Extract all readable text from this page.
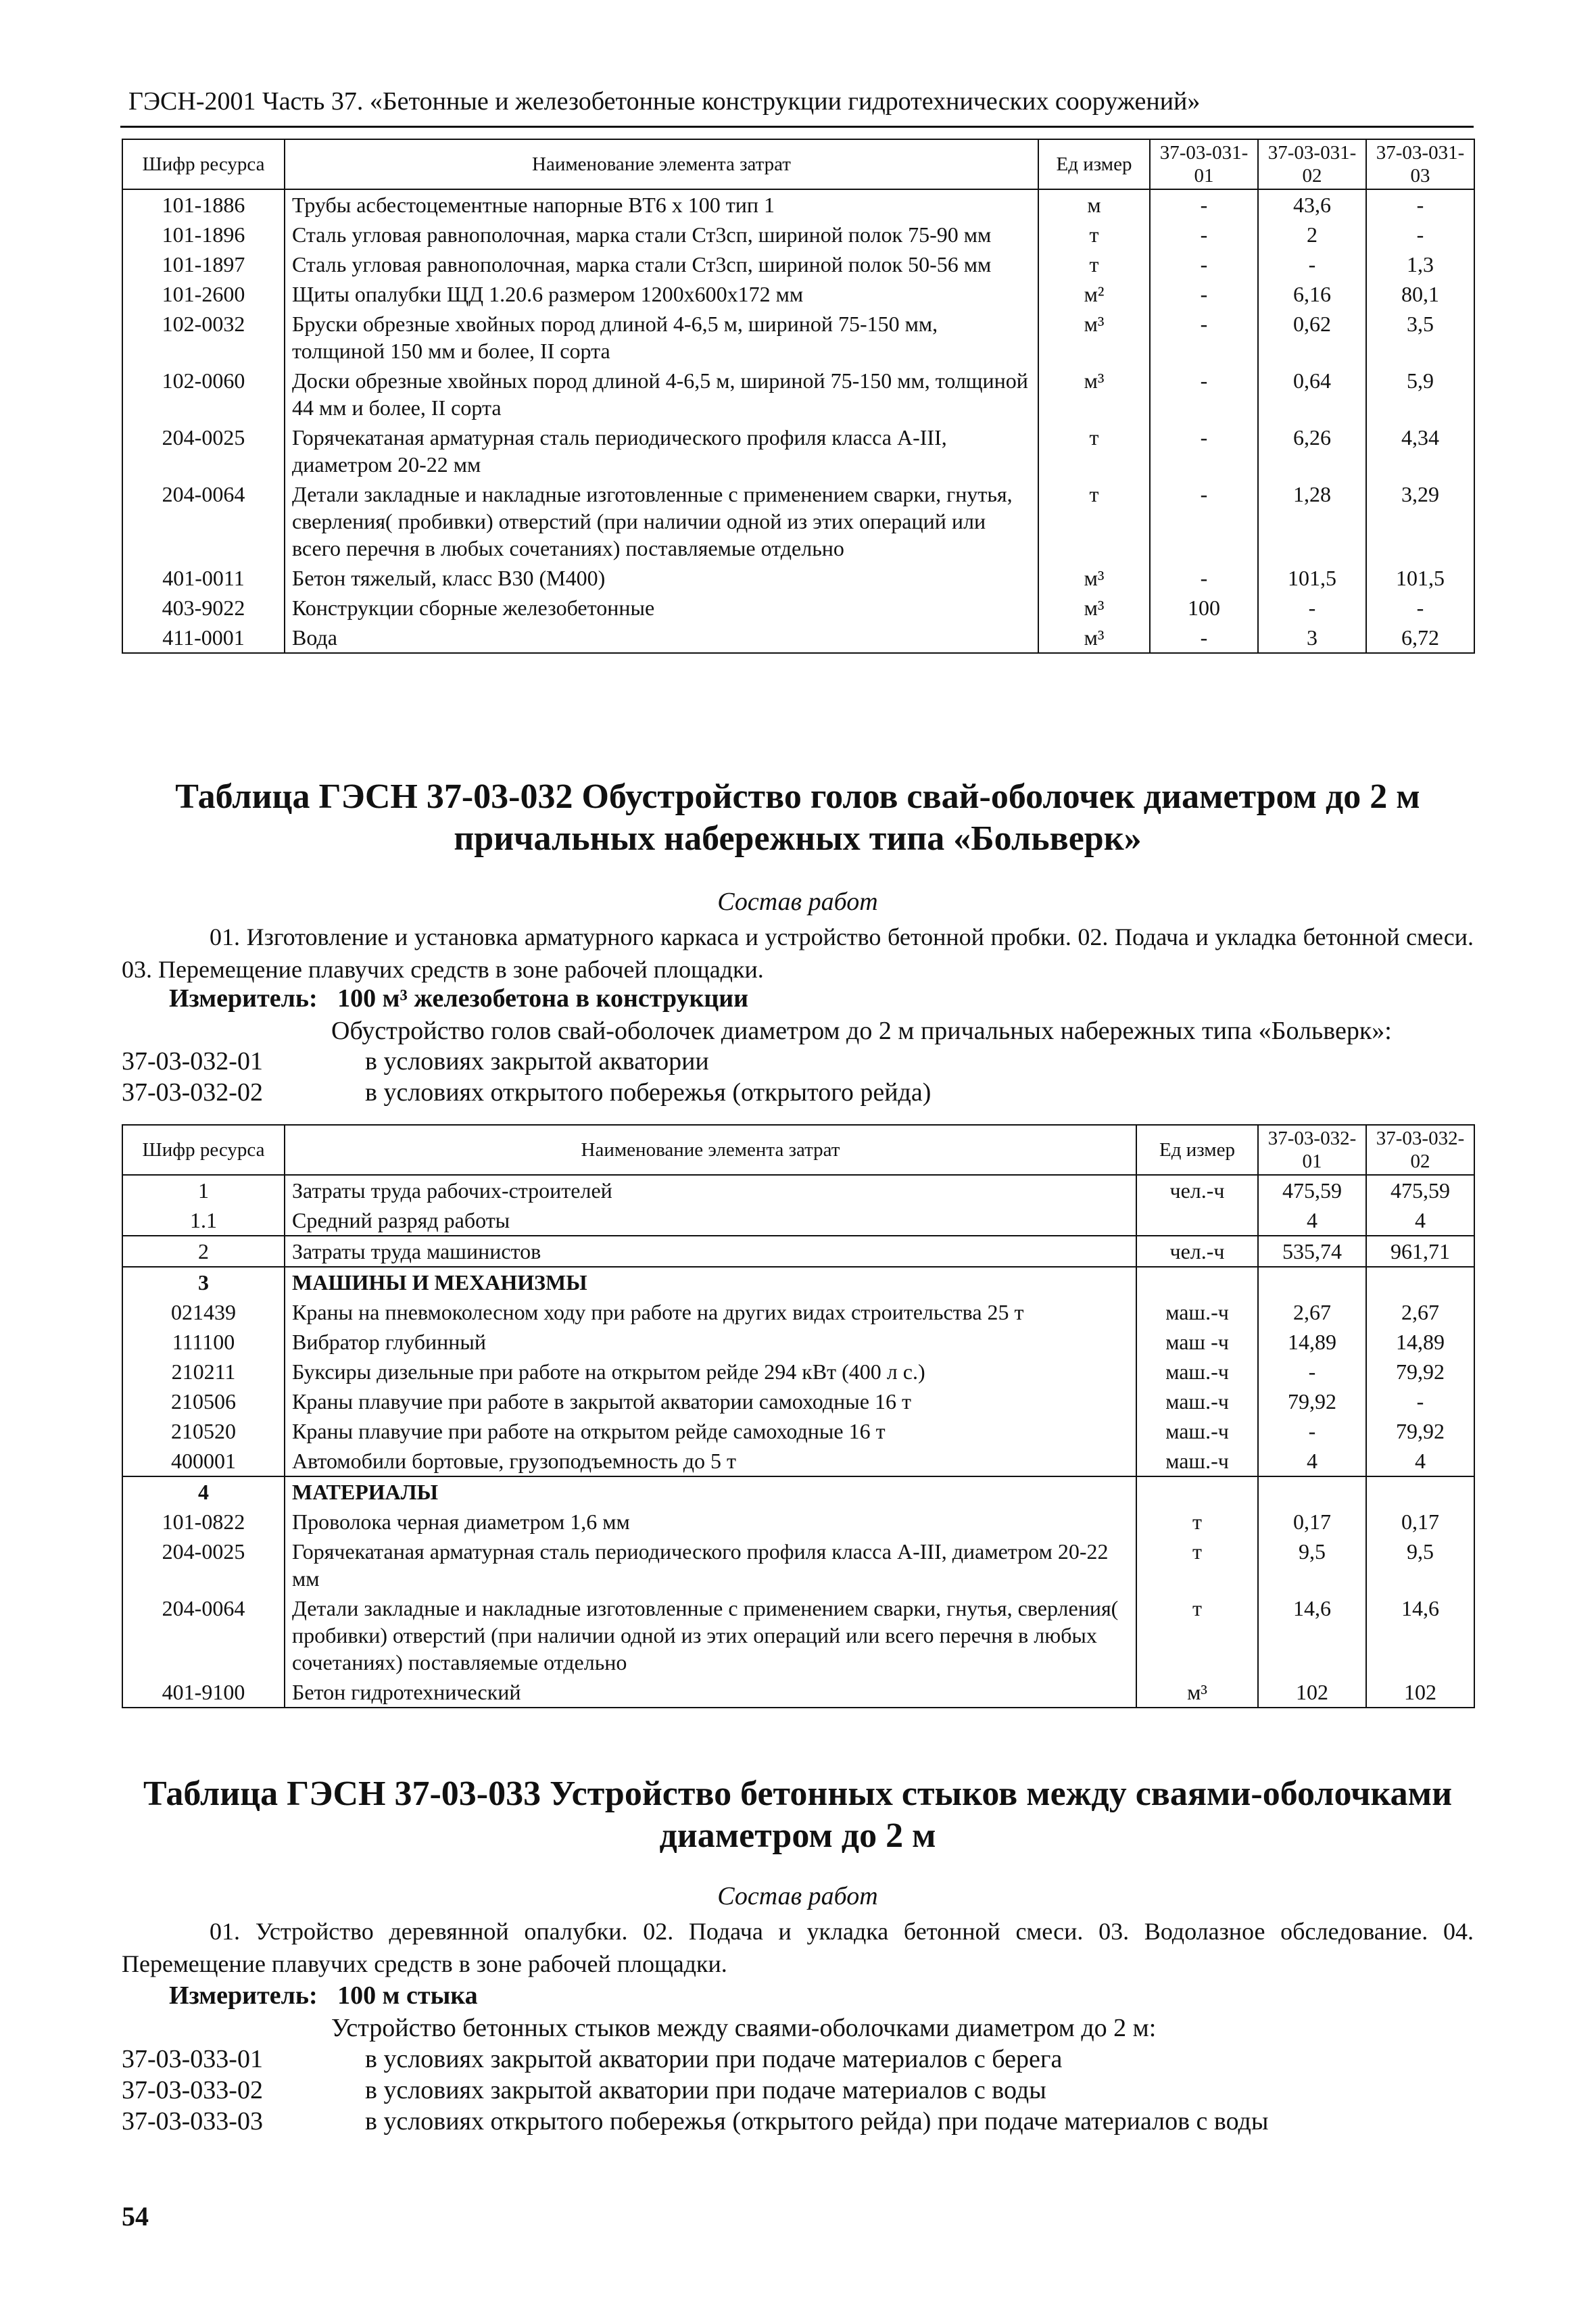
ГЭСН-2001 Часть 37. «Бетонные и железобетонные конструкции гидротехнических сооружений»
Шифр ресурса	Наименование элемента затрат	Ед измер	37-03-031-01	37-03-031-02	37-03-031-03
101-1886	Трубы асбестоцементные напорные ВТ6 х 100 тип 1	м	-	43,6	-
101-1896	Сталь угловая равнополочная, марка стали Ст3сп, шириной полок 75-90 мм	т	-	2	-
101-1897	Сталь угловая равнополочная, марка стали Ст3сп, шириной полок 50-56 мм	т	-	-	1,3
101-2600	Щиты опалубки ЩД 1.20.6 размером 1200х600х172 мм	м²	-	6,16	80,1
102-0032	Бруски обрезные хвойных пород длиной 4-6,5 м, шириной 75-150 мм, толщиной 150 мм и более, II сорта	м³	-	0,62	3,5
102-0060	Доски обрезные хвойных пород длиной 4-6,5 м, шириной 75-150 мм, толщиной 44 мм и более, II сорта	м³	-	0,64	5,9
204-0025	Горячекатаная арматурная сталь периодического профиля класса А-III, диаметром 20-22 мм	т	-	6,26	4,34
204-0064	Детали закладные и накладные изготовленные с применением сварки, гнутья, сверления( пробивки) отверстий (при наличии одной из этих операций или всего перечня в любых сочетаниях) поставляемые отдельно	т	-	1,28	3,29
401-0011	Бетон тяжелый, класс В30 (М400)	м³	-	101,5	101,5
403-9022	Конструкции сборные железобетонные	м³	100	-	-
411-0001	Вода	м³	-	3	6,72
Таблица ГЭСН 37-03-032 Обустройство голов свай-оболочек диаметром до 2 м причальных набережных типа «Больверк»
Состав работ
01. Изготовление и установка арматурного каркаса и устройство бетонной пробки. 02. Подача и укладка бетонной смеси. 03. Перемещение плавучих средств в зоне рабочей площадки.
Измеритель: 100 м³ железобетона в конструкции
Обустройство голов свай-оболочек диаметром до 2 м причальных набережных типа «Больверк»:
37-03-032-01	в условиях закрытой акватории
37-03-032-02	в условиях открытого побережья (открытого рейда)
Шифр ресурса	Наименование элемента затрат	Ед измер	37-03-032-01	37-03-032-02
1	Затраты труда рабочих-строителей	чел.-ч	475,59	475,59
1.1	Средний разряд работы		4	4
2	Затраты труда машинистов	чел.-ч	535,74	961,71
3	МАШИНЫ И МЕХАНИЗМЫ			
021439	Краны на пневмоколесном ходу при работе на других видах строительства 25 т	маш.-ч	2,67	2,67
111100	Вибратор глубинный	маш -ч	14,89	14,89
210211	Буксиры дизельные при работе на открытом рейде 294 кВт (400 л с.)	маш.-ч	-	79,92
210506	Краны плавучие при работе в закрытой акватории самоходные 16 т	маш.-ч	79,92	-
210520	Краны плавучие при работе на открытом рейде самоходные 16 т	маш.-ч	-	79,92
400001	Автомобили бортовые, грузоподъемность до 5 т	маш.-ч	4	4
4	МАТЕРИАЛЫ			
101-0822	Проволока черная диаметром 1,6 мм	т	0,17	0,17
204-0025	Горячекатаная арматурная сталь периодического профиля класса А-III, диаметром 20-22 мм	т	9,5	9,5
204-0064	Детали закладные и накладные изготовленные с применением сварки, гнутья, сверления( пробивки) отверстий (при наличии одной из этих операций или всего перечня в любых сочетаниях) поставляемые отдельно	т	14,6	14,6
401-9100	Бетон гидротехнический	м³	102	102
Таблица ГЭСН 37-03-033 Устройство бетонных стыков между сваями-оболочками диаметром до 2 м
Состав работ
01. Устройство деревянной опалубки. 02. Подача и укладка бетонной смеси. 03. Водолазное обследование. 04. Перемещение плавучих средств в зоне рабочей площадки.
Измеритель: 100 м стыка
Устройство бетонных стыков между сваями-оболочками диаметром до 2 м:
37-03-033-01	в условиях закрытой акватории при подаче материалов с берега
37-03-033-02	в условиях закрытой акватории при подаче материалов с воды
37-03-033-03	в условиях открытого побережья (открытого рейда) при подаче материалов с воды
54
